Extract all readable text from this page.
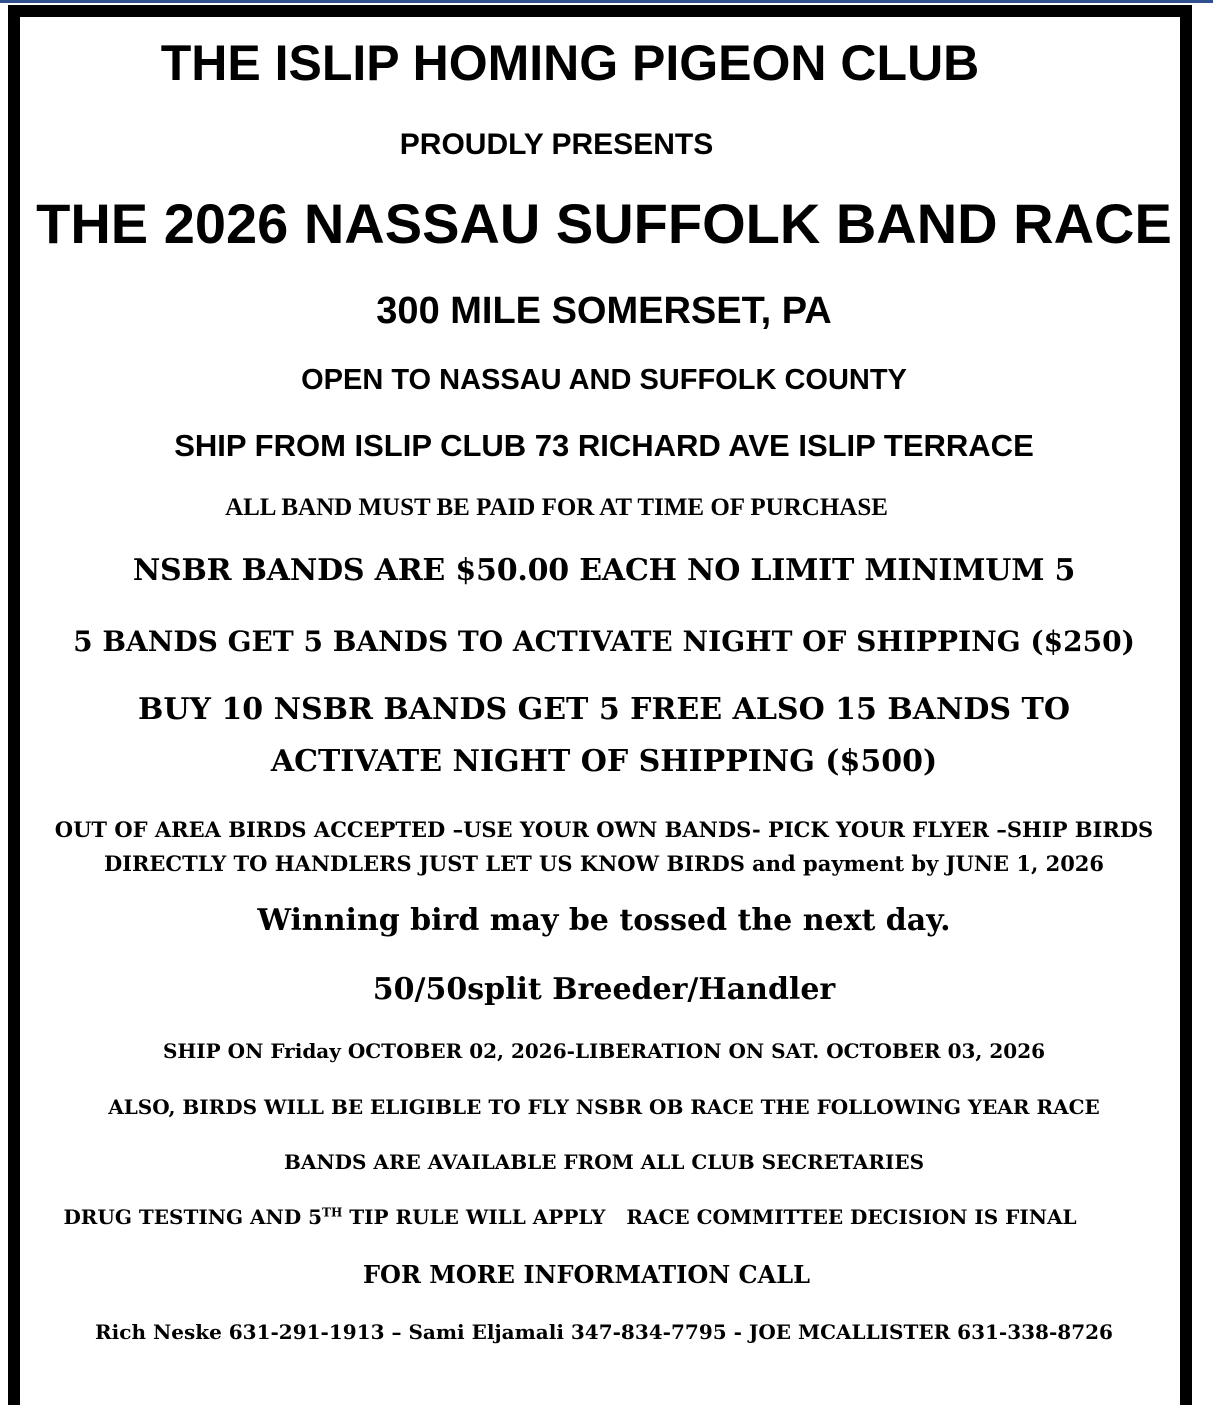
THE ISLIP HOMING PIGEON CLUB
PROUDLY PRESENTS
THE 2026 NASSAU SUFFOLK BAND RACE
300 MILE SOMERSET, PA
OPEN TO NASSAU AND SUFFOLK COUNTY
SHIP FROM ISLIP CLUB 73 RICHARD AVE ISLIP TERRACE
ALL BAND MUST BE PAID FOR AT TIME OF PURCHASE
NSBR BANDS ARE $50.00 EACH NO LIMIT MINIMUM 5
5 BANDS GET 5 BANDS TO ACTIVATE NIGHT OF SHIPPING ($250)
BUY 10 NSBR BANDS GET 5 FREE ALSO 15 BANDS TO
ACTIVATE NIGHT OF SHIPPING ($500)
OUT OF AREA BIRDS ACCEPTED –USE YOUR OWN BANDS- PICK YOUR FLYER –SHIP BIRDS
DIRECTLY TO HANDLERS JUST LET US KNOW BIRDS and payment by JUNE 1, 2026
Winning bird may be tossed the next day.
50/50split Breeder/Handler
SHIP ON Friday OCTOBER 02, 2026-LIBERATION ON SAT. OCTOBER 03, 2026
ALSO, BIRDS WILL BE ELIGIBLE TO FLY NSBR OB RACE THE FOLLOWING YEAR RACE
BANDS ARE AVAILABLE FROM ALL CLUB SECRETARIES
DRUG TESTING AND 5TH TIP RULE WILL APPLY   RACE COMMITTEE DECISION IS FINAL
FOR MORE INFORMATION CALL
Rich Neske 631-291-1913 – Sami Eljamali 347-834-7795 - JOE MCALLISTER 631-338-8726
